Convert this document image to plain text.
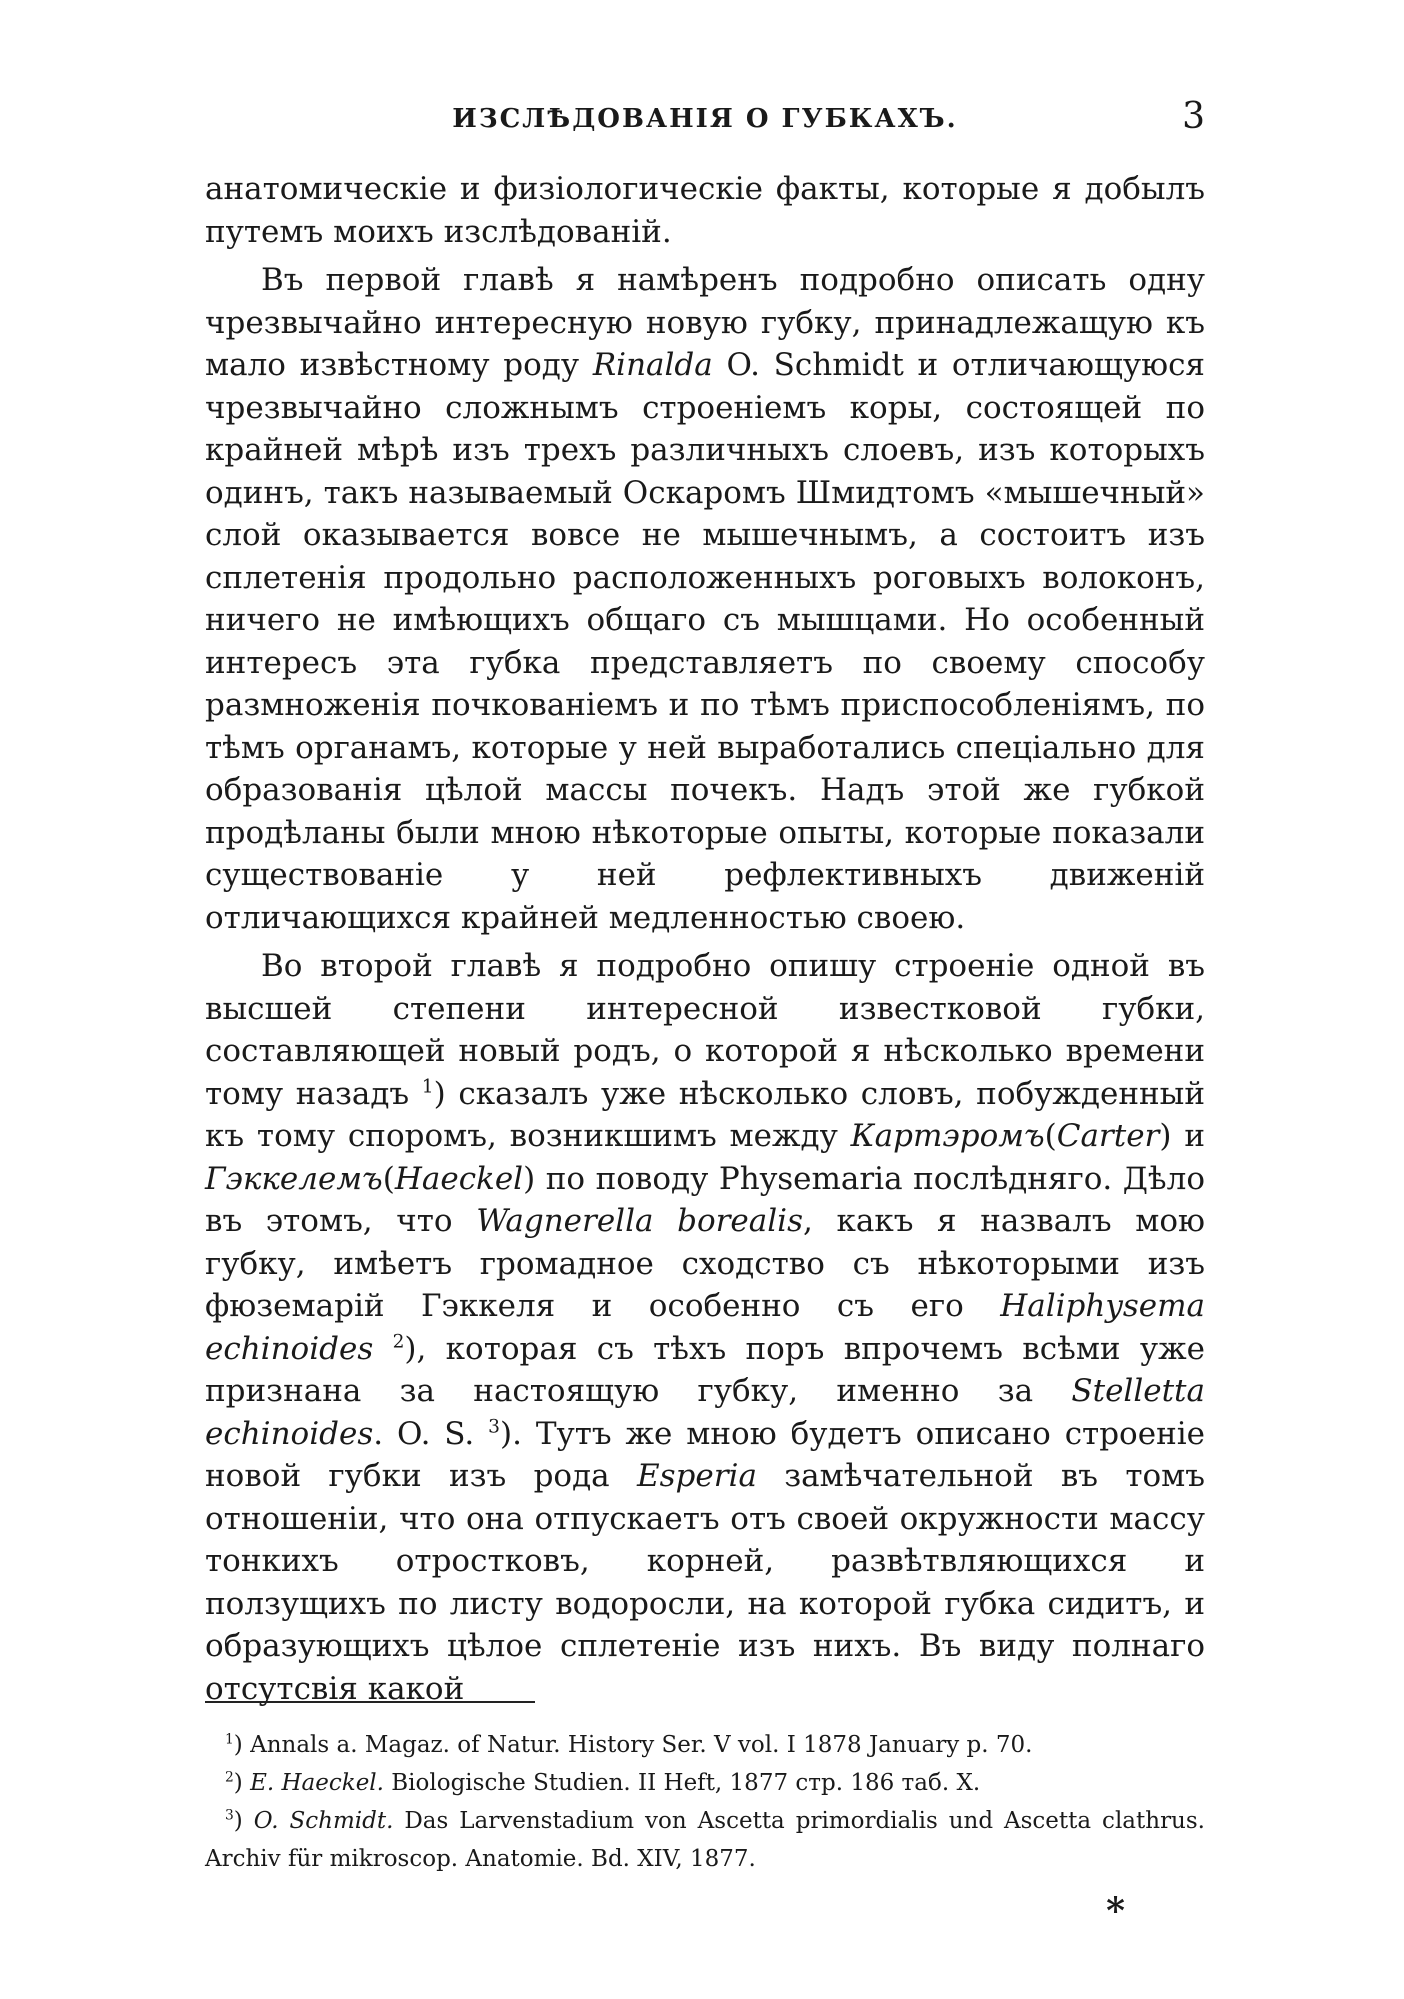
ИЗСЛѢДОВАНІЯ О ГУБКАХЪ.	3

анатомическіе и физіологическіе факты, которые я добылъ путемъ моихъ изслѣдованій.

Въ первой главѣ я намѣренъ подробно описать одну чрезвычайно интересную новую губку, принадлежащую къ мало извѣстному роду Rinalda O. Schmidt и отличающуюся чрезвычайно сложнымъ строеніемъ коры, состоящей по крайней мѣрѣ изъ трехъ различныхъ слоевъ, изъ которыхъ одинъ, такъ называемый Оскаромъ Шмидтомъ «мышечный» слой оказывается вовсе не мышечнымъ, а состоитъ изъ сплетенія продольно расположенныхъ роговыхъ волоконъ, ничего не имѣющихъ общаго съ мышцами. Но особенный интересъ эта губка представляетъ по своему способу размноженія почкованіемъ и по тѣмъ приспособленіямъ, по тѣмъ органамъ, которые у ней выработались спеціально для образованія цѣлой массы почекъ. Надъ этой же губкой продѣланы были мною нѣкоторые опыты, которые показали существованіе у ней рефлективныхъ движеній отличающихся крайней медленностью своею.

Во второй главѣ я подробно опишу строеніе одной въ высшей степени интересной известковой губки, составляющей новый родъ, о которой я нѣсколько времени тому назадъ $^1$) сказалъ уже нѣсколько словъ, побужденный къ тому споромъ, возникшимъ между Картэромъ(Carter) и Гэккелемъ(Haeckel) по поводу Physemaria послѣдняго. Дѣло въ этомъ, что Wagnerella borealis, какъ я назвалъ мою губку, имѣетъ громадное сходство съ нѣкоторыми изъ фюземарій Гэккеля и особенно съ его Haliphysema echinoides $^2$), которая съ тѣхъ поръ впрочемъ всѣми уже признана за настоящую губку, именно за Stelletta echinoides. O. S. $^3$). Тутъ же мною будетъ описано строеніе новой губки изъ рода Esperia замѣчательной въ томъ отношеніи, что она отпускаетъ отъ своей окружности массу тонкихъ отростковъ, корней, развѣтвляющихся и ползущихъ по листу водоросли, на которой губка сидитъ, и образующихъ цѣлое сплетеніе изъ нихъ. Въ виду полнаго отсутсвія какой

$^1$) Annals a. Magaz. of Natur. History Ser. V vol. I 1878 January p. 70.

$^2$) E. Haeckel. Biologische Studien. II Heft, 1877 стр. 186 таб. X.

$^3$) O. Schmidt. Das Larvenstadium von Ascetta primordialis und Ascetta clathrus. Archiv für mikroscop. Anatomie. Bd. XIV, 1877.

*
